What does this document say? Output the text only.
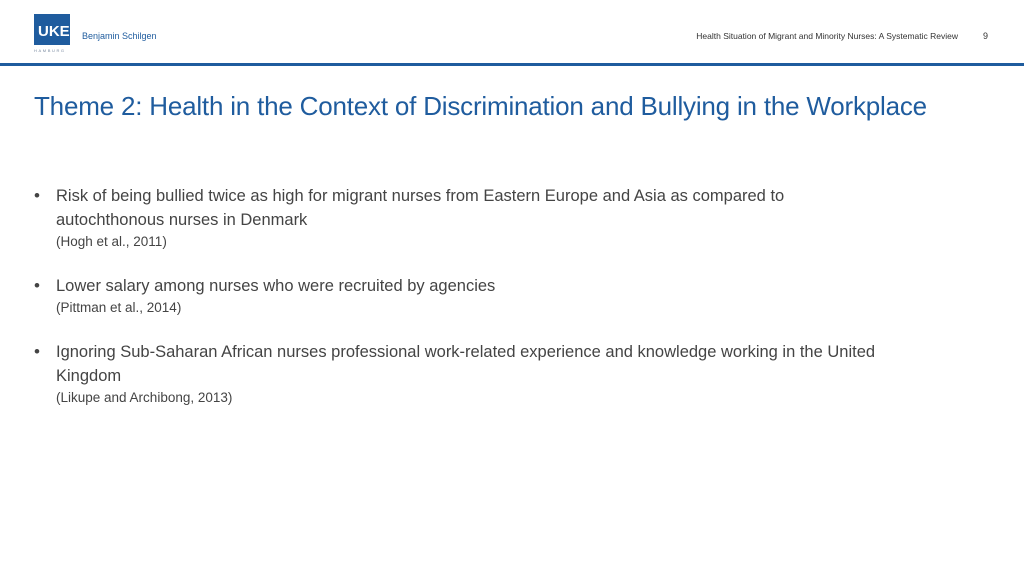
UKE
HAMBURG
Benjamin Schilgen	Health Situation of Migrant and Minority Nurses: A Systematic Review	9
Theme 2: Health in the Context of Discrimination and Bullying in the Workplace
• Risk of being bullied twice as high for migrant nurses from Eastern Europe and Asia as compared to autochthonous nurses in Denmark
(Hogh et al., 2011)
• Lower salary among nurses who were recruited by agencies
(Pittman et al., 2014)
• Ignoring Sub-Saharan African nurses professional work-related experience and knowledge working in the United Kingdom
(Likupe and Archibong, 2013)
